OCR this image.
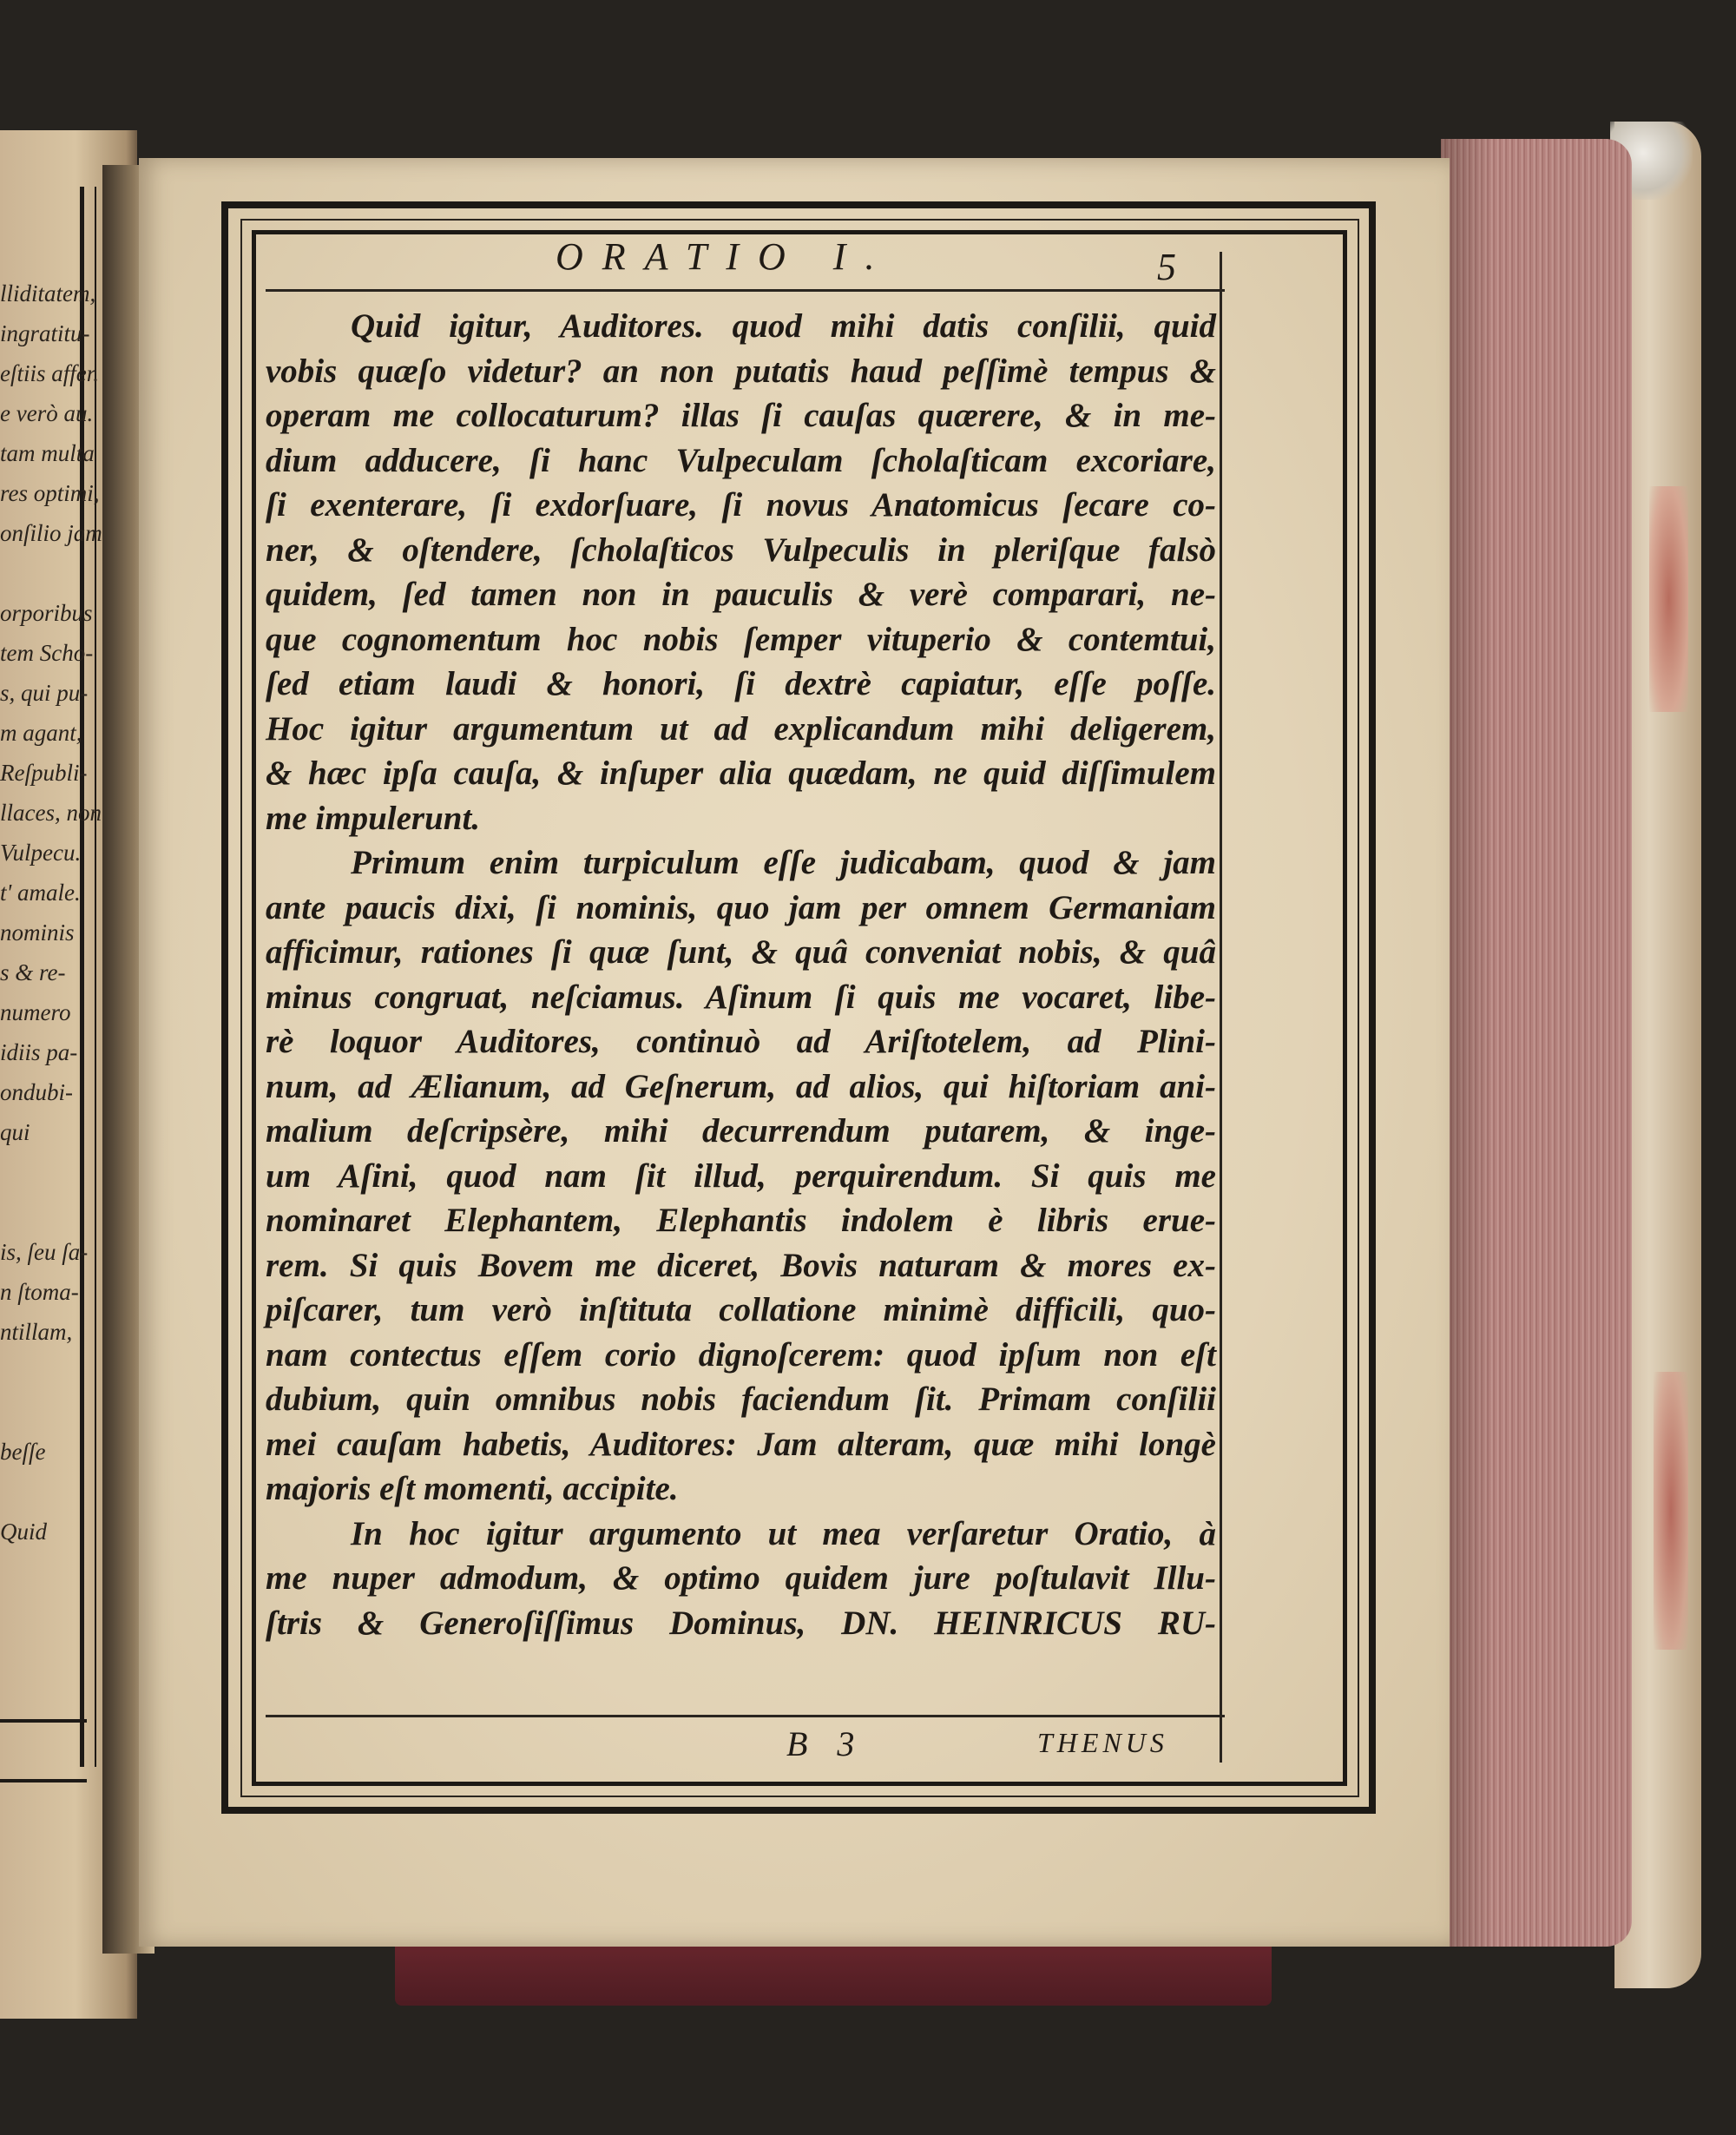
lliditatem,
ingratitu-
eſtiis affer.
e verò au.
tam multa
res optimi,
onſilio jam
orporibus
tem Scho-
s, qui pu-
m agant,
Reſpubli-
llaces, non
Vulpecu.
t' amale.
nominis
s & re-
numero
idiis pa-
ondubi-
qui
is, ſeu ſa-
n ſtoma-
ntillam,
beſſe
Quid
ORATIO I.	5
Quid igitur, Auditores. quod mihi datis conſilii, quid
vobis quæſo videtur? an non putatis haud peſſimè tempus &
operam me collocaturum? illas ſi cauſas quærere, & in me-
dium adducere, ſi hanc Vulpeculam ſcholaſticam excoriare,
ſi exenterare, ſi exdorſuare, ſi novus Anatomicus ſecare co-
ner, & oſtendere, ſcholaſticos Vulpeculis in pleriſque falsò
quidem, ſed tamen non in pauculis & verè comparari, ne-
que cognomentum hoc nobis ſemper vituperio & contemtui,
ſed etiam laudi & honori, ſi dextrè capiatur, eſſe poſſe.
Hoc igitur argumentum ut ad explicandum mihi deligerem,
& hæc ipſa cauſa, & inſuper alia quædam, ne quid diſſimulem
me impulerunt.
Primum enim turpiculum eſſe judicabam, quod & jam
ante paucis dixi, ſi nominis, quo jam per omnem Germaniam
afficimur, rationes ſi quæ ſunt, & quâ conveniat nobis, & quâ
minus congruat, neſciamus. Aſinum ſi quis me vocaret, libe-
rè loquor Auditores, continuò ad Ariſtotelem, ad Plini-
num, ad Ælianum, ad Geſnerum, ad alios, qui hiſtoriam ani-
malium deſcripsère, mihi decurrendum putarem, & inge-
um Aſini, quod nam ſit illud, perquirendum. Si quis me
nominaret Elephantem, Elephantis indolem è libris erue-
rem. Si quis Bovem me diceret, Bovis naturam & mores ex-
piſcarer, tum verò inſtituta collatione minimè difficili, quo-
nam contectus eſſem corio dignoſcerem: quod ipſum non eſt
dubium, quin omnibus nobis faciendum ſit. Primam conſilii
mei cauſam habetis, Auditores: Jam alteram, quæ mihi longè
majoris eſt momenti, accipite.
In hoc igitur argumento ut mea verſaretur Oratio, à
me nuper admodum, & optimo quidem jure poſtulavit Illu-
ſtris & Generoſiſſimus Dominus, DN. HEINRICUS RU-
B 3	THENUS
